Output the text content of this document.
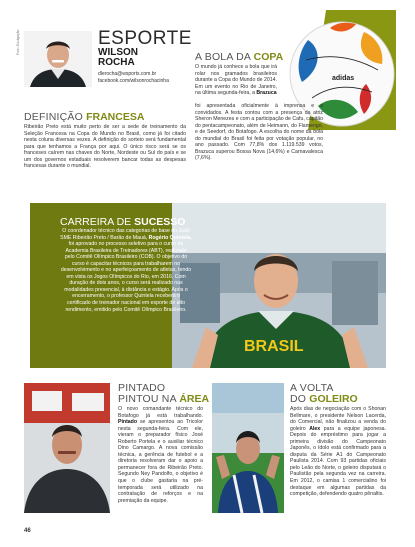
Foto: Divulgação	ESPORTE
WILSON
ROCHA
dlerocha@wsports.com.br
facebook.com/wilsonrochacinha
DEFINIÇÃO FRANCESA
Ribeirão Preto está muito perto de ser a sede de treinamento da Seleção Francesa na Copa do Mundo no Brasil, como já foi citado nesta coluna diversas vezes. A definição do sorteio será fundamental para que tenhamos a França por aqui. O único risco será se os franceses caírem nas chaves do Norte, Nordeste ou Sul do país e se um dos governos estaduais resolverem bancar todas as despesas francesas durante o mundial.
adidas
A BOLA DA COPA
O mundo já conhece a bola que irá rolar nos gramados brasileiros durante a Copa do Mundo de 2014. Em um evento no Rio de Janeiro, na última segunda-feira, a Brazuca
foi apresentada oficialmente à imprensa e a convidados. A festa contou com a presença da atriz Sheron Menezes e com a participação de Cafu, capitão do pentacampeonato, além de Heimann, do Flamengo, e de Seedorf, do Botafogo. A escolha do nome da bola do mundial do Brasil foi feita por votação popular, no ano passado. Com 77,8% dos 1.119.539 votos, Brazuca superou Bossa Nova (14,6%) e Carnavalesca (7,6%).
BRASIL
CARREIRA DE SUCESSO
O coordenador técnico das categorias de base do Judô SME Ribeirão Preto / Barão de Mauá, Rogério Quintela, foi aprovado no processo seletivo para o curso da Academia Brasileira de Treinadores (ABT), realizado pelo Comitê Olímpico Brasileiro (COB). O objetivo do curso é capacitar técnicos para trabalharem no desenvolvimento e no aperfeiçoamento de atletas, tendo em vista os Jogos Olímpicos do Rio, em 2016. Com duração de dois anos, o curso será realizado nas modalidades presencial, à distância e estágio. Após o encerramento, o professor Quintela receberá o certificado de treinador nacional em esporte de alto rendimento, emitido pelo Comitê Olímpico Brasileiro.
PINTADO
PINTOU NA ÁREA
O novo comandante técnico do Botafogo já está trabalhando. Pintado se apresentou ao Tricolor nesta segunda-feira. Com ele, vieram o preparador físico José Roberto Portela e o auxiliar técnico Dino Camargo. A nova comissão técnica, a gerência de futebol e a diretoria resolveram dar o apoio a permanecer fora de Ribeirão Preto. Segundo Ney Pandolfo, o objetivo é que o clube gastaria na pré-temporada será utilizado na contratação de reforços e na premiação da equipe.
A VOLTA
DO GOLEIRO
Após dias de negociação com o Shonan Bellmare, o presidente Nelson Lacerda, do Comercial, não finalizou a venda do goleiro Alex para a equipe japonesa. Depois do empréstimo para jogar a primeira divisão do Campeonato Japonês, o ídolo está confirmado para a disputa da Série A1 do Campeonato Paulista 2014. Com 93 partidas oficiais pelo Leão do Norte, o goleiro disputará o Paulistão pela segunda vez na carreira. Em 2012, o camisa 1 comercialino foi destaque em algumas partidas da competição, defendendo quatro pênaltis.
46
